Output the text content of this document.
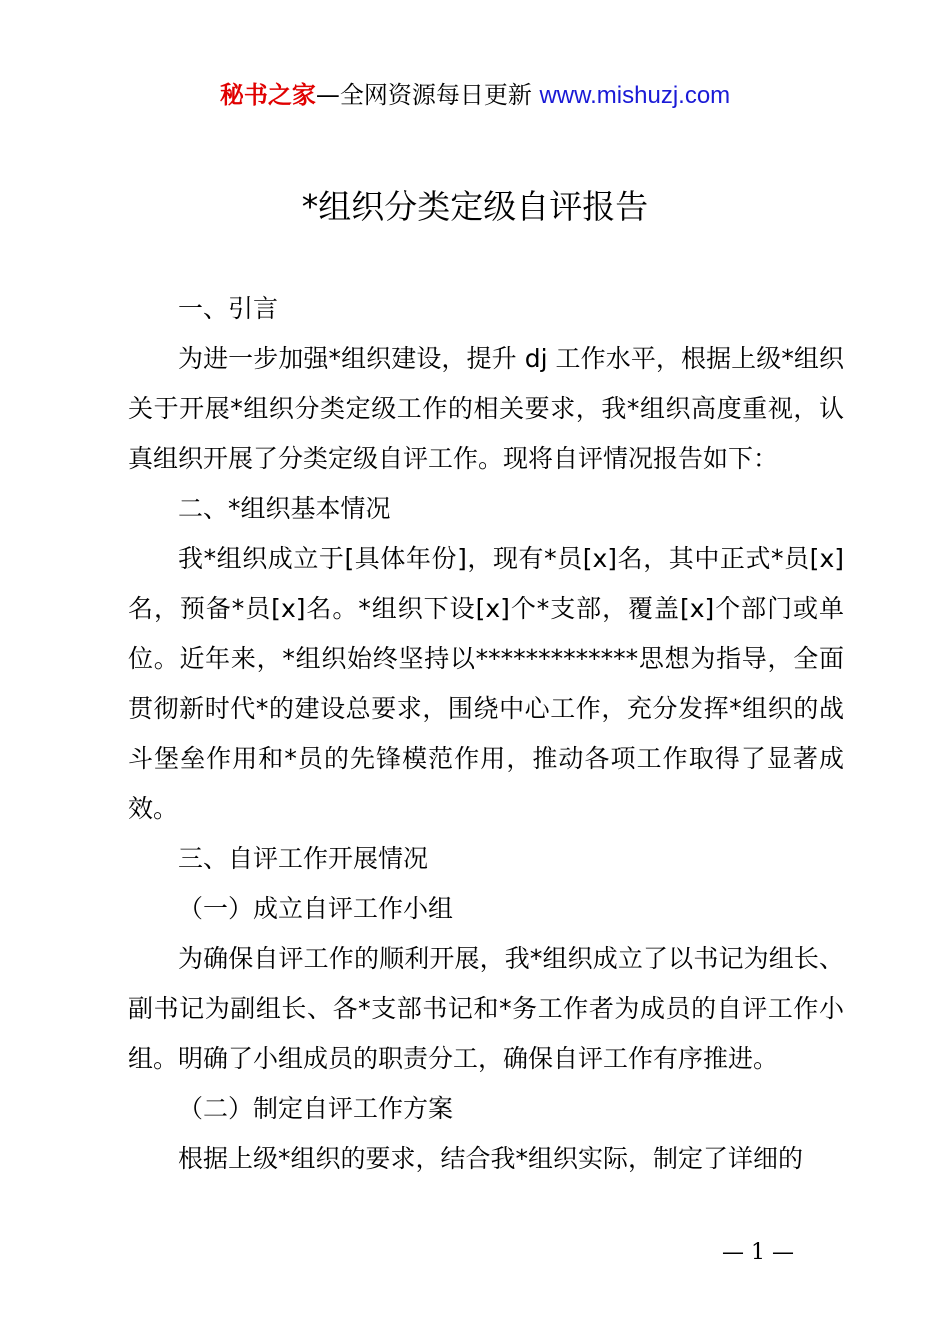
秘书之家—全网资源每日更新 www.mishuzj.com
*组织分类定级自评报告

一、引言

为进一步加强*组织建设，提升 dj 工作水平，根据上级*组织关于开展*组织分类定级工作的相关要求，我*组织高度重视，认真组织开展了分类定级自评工作。现将自评情况报告如下：

二、*组织基本情况

我*组织成立于[具体年份]，现有*员[x]名，其中正式*员[x]名，预备*员[x]名。*组织下设[x]个*支部，覆盖[x]个部门或单位。近年来，*组织始终坚持以*************思想为指导，全面贯彻新时代*的建设总要求，围绕中心工作，充分发挥*组织的战斗堡垒作用和*员的先锋模范作用，推动各项工作取得了显著成效。

三、自评工作开展情况

（一）成立自评工作小组

为确保自评工作的顺利开展，我*组织成立了以书记为组长、副书记为副组长、各*支部书记和*务工作者为成员的自评工作小组。明确了小组成员的职责分工，确保自评工作有序推进。

（二）制定自评工作方案

根据上级*组织的要求，结合我*组织实际，制定了详细的

— 1 —
